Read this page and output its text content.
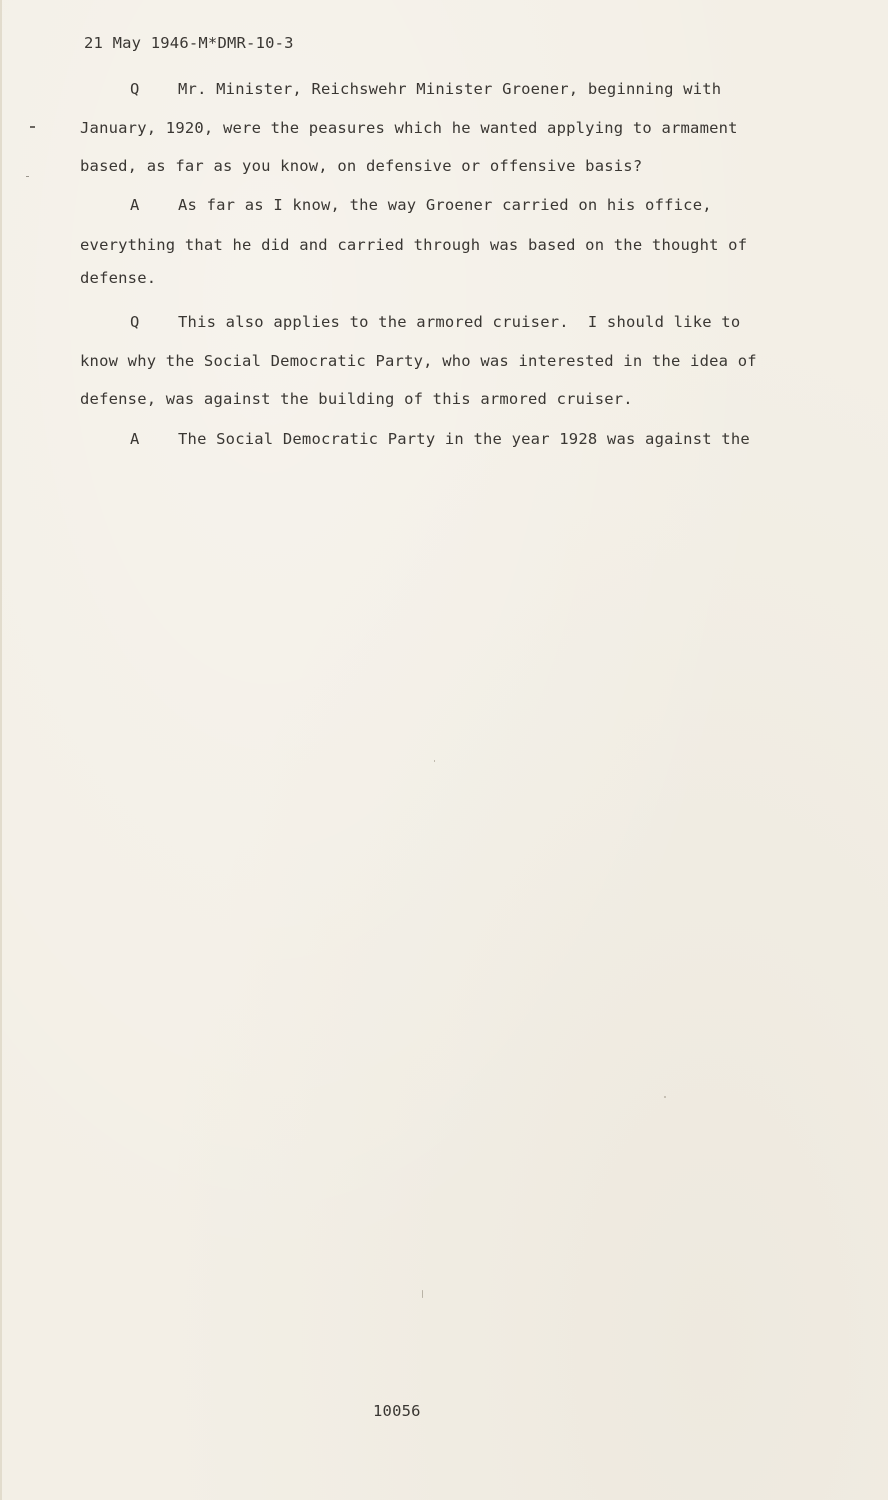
21 May 1946-M*DMR-10-3
Q Mr. Minister, Reichswehr Minister Groener, beginning with
January, 1920, were the peasures which he wanted applying to armament
based, as far as you know, on defensive or offensive basis?
A As far as I know, the way Groener carried on his office,
everything that he did and carried through was based on the thought of
defense.
Q This also applies to the armored cruiser.  I should like to
know why the Social Democratic Party, who was interested in the idea of
defense, was against the building of this armored cruiser.
A The Social Democratic Party in the year 1928 was against the
10056
